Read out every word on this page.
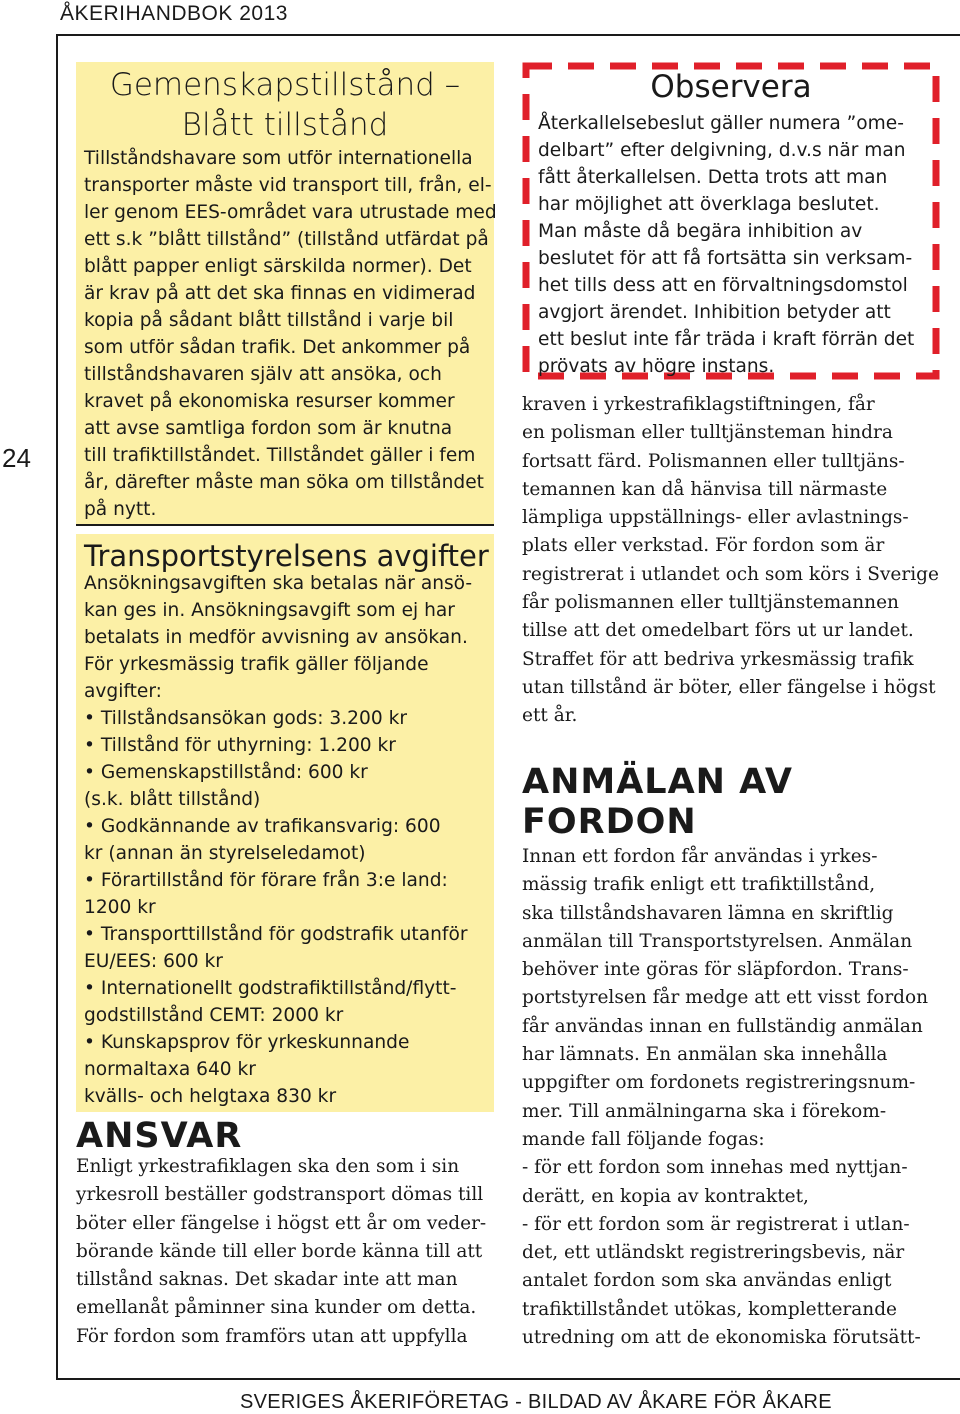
ÅKERIHANDBOK 2013
24
Gemenskapstillstånd –
Blått tillstånd
Tillståndshavare som utför internationella
transporter måste vid transport till, från, el-
ler genom EES-området vara utrustade med
ett s.k ”blått tillstånd” (tillstånd utfärdat på
blått papper enligt särskilda normer). Det
är krav på att det ska finnas en vidimerad
kopia på sådant blått tillstånd i varje bil
som utför sådan trafik. Det ankommer på
tillståndshavaren själv att ansöka, och
kravet på ekonomiska resurser kommer
att avse samtliga fordon som är knutna
till trafiktillståndet. Tillståndet gäller i fem
år, därefter måste man söka om tillståndet
på nytt.
Transportstyrelsens avgifter
Ansökningsavgiften ska betalas när ansö-
kan ges in. Ansökningsavgift som ej har
betalats in medför avvisning av ansökan.
För yrkesmässig trafik gäller följande
avgifter:
• Tillståndsansökan gods: 3.200 kr
• Tillstånd för uthyrning: 1.200 kr
• Gemenskapstillstånd: 600 kr
(s.k. blått tillstånd)
• Godkännande av trafikansvarig: 600
kr (annan än styrelseledamot)
• Förartillstånd för förare från 3:e land:
1200 kr
• Transporttillstånd för godstrafik utanför
EU/EES: 600 kr
• Internationellt godstrafiktillstånd/flytt-
godstillstånd CEMT: 2000 kr
• Kunskapsprov för yrkeskunnande
normaltaxa 640 kr
kvälls- och helgtaxa 830 kr
ANSVAR
Enligt yrkestrafiklagen ska den som i sin
yrkesroll beställer godstransport dömas till
böter eller fängelse i högst ett år om veder-
börande kände till eller borde känna till att
tillstånd saknas. Det skadar inte att man
emellanåt påminner sina kunder om detta.
För fordon som framförs utan att uppfylla
Observera
Återkallelsebeslut gäller numera ”ome-
delbart” efter delgivning, d.v.s när man
fått återkallelsen. Detta trots att man
har möjlighet att överklaga beslutet.
Man måste då begära inhibition av
beslutet för att få fortsätta sin verksam-
het tills dess att en förvaltningsdomstol
avgjort ärendet. Inhibition betyder att
ett beslut inte får träda i kraft förrän det
prövats av högre instans.
kraven i yrkestrafiklagstiftningen, får
en polisman eller tulltjänsteman hindra
fortsatt färd. Polismannen eller tulltjäns-
temannen kan då hänvisa till närmaste
lämpliga uppställnings- eller avlastnings-
plats eller verkstad. För fordon som är
registrerat i utlandet och som körs i Sverige
får polismannen eller tulltjänstemannen
tillse att det omedelbart förs ut ur landet.
Straffet för att bedriva yrkesmässig trafik
utan tillstånd är böter, eller fängelse i högst
ett år.
ANMÄLAN AV
FORDON
Innan ett fordon får användas i yrkes-
mässig trafik enligt ett trafiktillstånd,
ska tillståndshavaren lämna en skriftlig
anmälan till Transportstyrelsen. Anmälan
behöver inte göras för släpfordon. Trans-
portstyrelsen får medge att ett visst fordon
får användas innan en fullständig anmälan
har lämnats. En anmälan ska innehålla
uppgifter om fordonets registreringsnum-
mer. Till anmälningarna ska i förekom-
mande fall följande fogas:
- för ett fordon som innehas med nyttjan-
derätt, en kopia av kontraktet,
- för ett fordon som är registrerat i utlan-
det, ett utländskt registreringsbevis, när
antalet fordon som ska användas enligt
trafiktillståndet utökas, kompletterande
utredning om att de ekonomiska förutsätt-
SVERIGES ÅKERIFÖRETAG - BILDAD AV ÅKARE FÖR ÅKARE
